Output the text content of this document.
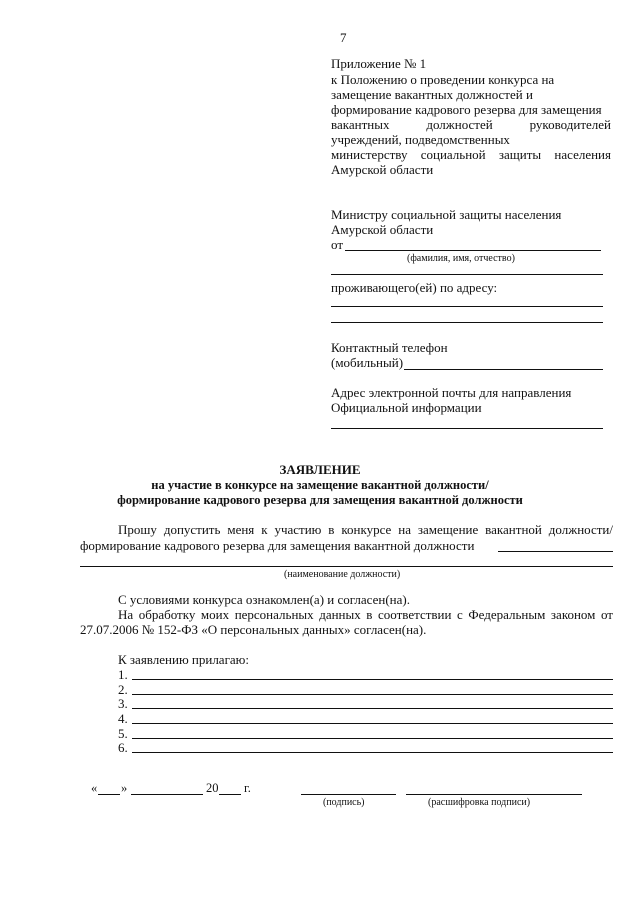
7
Приложение № 1
к Положению о проведении конкурса на
замещение вакантных должностей и
формирование кадрового резерва для замещения
вакантных должностей руководителей
учреждений, подведомственных
министерству социальной защиты населения
Амурской области
Министру социальной защиты населения
Амурской области
от
(фамилия, имя, отчество)
проживающего(ей) по адресу:
Контактный телефон
(мобильный)
Адрес электронной почты для направления
Официальной информации
ЗАЯВЛЕНИЕ
на участие в конкурсе на замещение вакантной должности/
формирование кадрового резерва для замещения вакантной должности
Прошу допустить меня к участию в конкурсе на замещение вакантной должности/
формирование кадрового резерва для замещения вакантной должности
(наименование должности)
С условиями конкурса ознакомлен(а) и согласен(на).
На обработку моих персональных данных в соответствии с Федеральным законом от
27.07.2006 № 152-ФЗ «О персональных данных» согласен(на).
К заявлению прилагаю:
1.
2.
3.
4.
5.
6.
« »	20 г.
(подпись)	(расшифровка подписи)
